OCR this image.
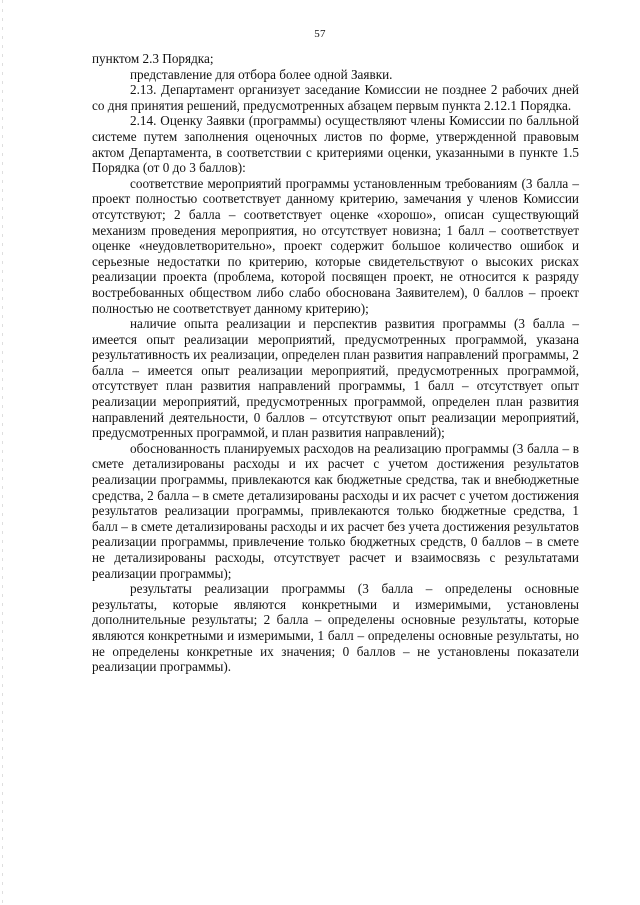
57

пунктом 2.3 Порядка;

представление для отбора более одной Заявки.

2.13. Департамент организует заседание Комиссии не позднее 2 рабочих дней со дня принятия решений, предусмотренных абзацем первым пункта 2.12.1 Порядка.

2.14. Оценку Заявки (программы) осуществляют члены Комиссии по балльной системе путем заполнения оценочных листов по форме, утвержденной правовым актом Департамента, в соответствии с критериями оценки, указанными в пункте 1.5 Порядка (от 0 до 3 баллов):

соответствие мероприятий программы установленным требованиям (3 балла – проект полностью соответствует данному критерию, замечания у членов Комиссии отсутствуют; 2 балла – соответствует оценке «хорошо», описан существующий механизм проведения мероприятия, но отсутствует новизна; 1 балл – соответствует оценке «неудовлетворительно», проект содержит большое количество ошибок и серьезные недостатки по критерию, которые свидетельствуют о высоких рисках реализации проекта (проблема, которой посвящен проект, не относится к разряду востребованных обществом либо слабо обоснована Заявителем), 0 баллов – проект полностью не соответствует данному критерию);

наличие опыта реализации и перспектив развития программы (3 балла – имеется опыт реализации мероприятий, предусмотренных программой, указана результативность их реализации, определен план развития направлений программы, 2 балла – имеется опыт реализации мероприятий, предусмотренных программой, отсутствует план развития направлений программы, 1 балл – отсутствует опыт реализации мероприятий, предусмотренных программой, определен план развития направлений деятельности, 0 баллов – отсутствуют опыт реализации мероприятий, предусмотренных программой, и план развития направлений);

обоснованность планируемых расходов на реализацию программы (3 балла – в смете детализированы расходы и их расчет с учетом достижения результатов реализации программы, привлекаются как бюджетные средства, так и внебюджетные средства, 2 балла – в смете детализированы расходы и их расчет с учетом достижения результатов реализации программы, привлекаются только бюджетные средства, 1 балл – в смете детализированы расходы и их расчет без учета достижения результатов реализации программы, привлечение только бюджетных средств, 0 баллов – в смете не детализированы расходы, отсутствует расчет и взаимосвязь с результатами реализации программы);

результаты реализации программы (3 балла – определены основные результаты, которые являются конкретными и измеримыми, установлены дополнительные результаты; 2 балла – определены основные результаты, которые являются конкретными и измеримыми, 1 балл – определены основные результаты, но не определены конкретные их значения; 0 баллов – не установлены показатели реализации программы).
